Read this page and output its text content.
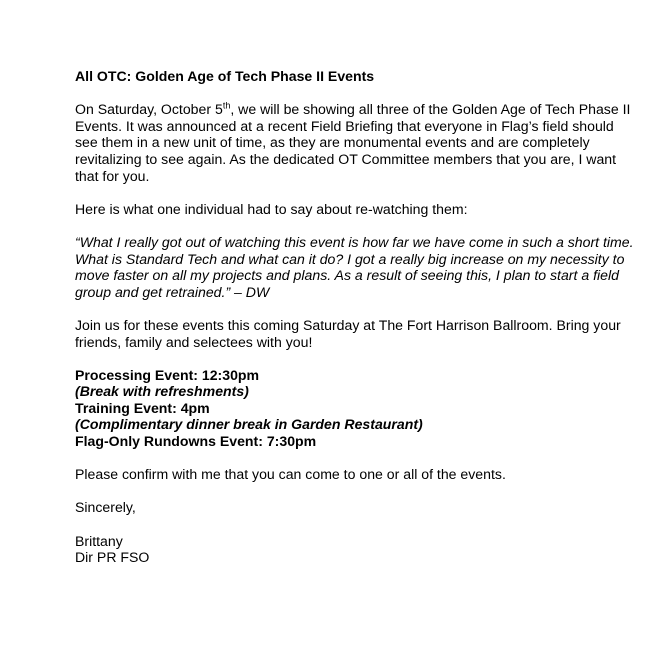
All OTC: Golden Age of Tech Phase II Events
On Saturday, October 5th, we will be showing all three of the Golden Age of Tech Phase II Events. It was announced at a recent Field Briefing that everyone in Flag’s field should see them in a new unit of time, as they are monumental events and are completely revitalizing to see again. As the dedicated OT Committee members that you are, I want that for you.
Here is what one individual had to say about re-watching them:
“What I really got out of watching this event is how far we have come in such a short time. What is Standard Tech and what can it do? I got a really big increase on my necessity to move faster on all my projects and plans. As a result of seeing this, I plan to start a field group and get retrained.” – DW
Join us for these events this coming Saturday at The Fort Harrison Ballroom. Bring your friends, family and selectees with you!
Processing Event: 12:30pm
(Break with refreshments)
Training Event: 4pm
(Complimentary dinner break in Garden Restaurant)
Flag-Only Rundowns Event: 7:30pm
Please confirm with me that you can come to one or all of the events.
Sincerely,
Brittany
Dir PR FSO
